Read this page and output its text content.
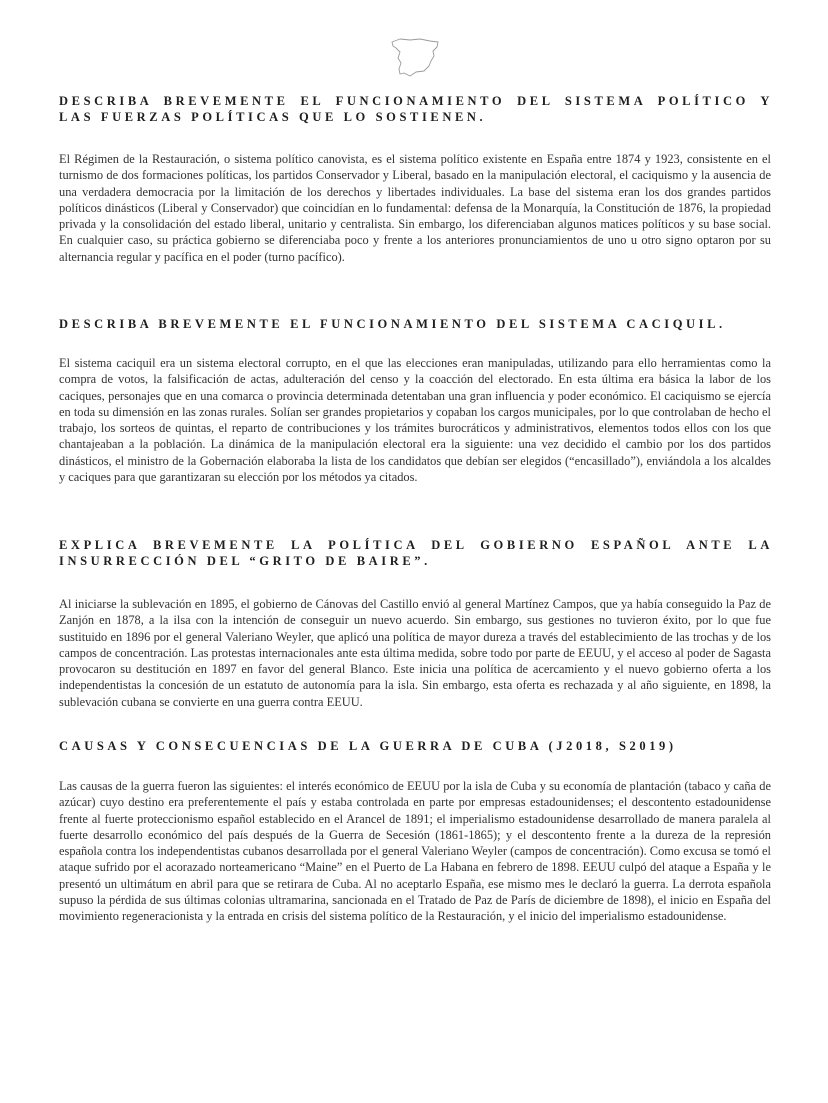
DESCRIBA BREVEMENTE EL FUNCIONAMIENTO DEL SISTEMA POLÍTICO Y LAS FUERZAS POLÍTICAS QUE LO SOSTIENEN.

El Régimen de la Restauración, o sistema político canovista, es el sistema político existente en España entre 1874 y 1923, consistente en el turnismo de dos formaciones políticas, los partidos Conservador y Liberal, basado en la manipulación electoral, el caciquismo y la ausencia de una verdadera democracia por la limitación de los derechos y libertades individuales. La base del sistema eran los dos grandes partidos políticos dinásticos (Liberal y Conservador) que coincidían en lo fundamental: defensa de la Monarquía, la Constitución de 1876, la propiedad privada y la consolidación del estado liberal, unitario y centralista. Sin embargo, los diferenciaban algunos matices políticos y su base social. En cualquier caso, su práctica gobierno se diferenciaba poco y frente a los anteriores pronunciamientos de uno u otro signo optaron por su alternancia regular y pacífica en el poder (turno pacífico).

DESCRIBA BREVEMENTE EL FUNCIONAMIENTO DEL SISTEMA CACIQUIL.

El sistema caciquil era un sistema electoral corrupto, en el que las elecciones eran manipuladas, utilizando para ello herramientas como la compra de votos, la falsificación de actas, adulteración del censo y la coacción del electorado. En esta última era básica la labor de los caciques, personajes que en una comarca o provincia determinada detentaban una gran influencia y poder económico. El caciquismo se ejercía en toda su dimensión en las zonas rurales. Solían ser grandes propietarios y copaban los cargos municipales, por lo que controlaban de hecho el trabajo, los sorteos de quintas, el reparto de contribuciones y los trámites burocráticos y administrativos, elementos todos ellos con los que chantajeaban a la población. La dinámica de la manipulación electoral era la siguiente: una vez decidido el cambio por los dos partidos dinásticos, el ministro de la Gobernación elaboraba la lista de los candidatos que debían ser elegidos (“encasillado”), enviándola a los alcaldes y caciques para que garantizaran su elección por los métodos ya citados.

EXPLICA BREVEMENTE LA POLÍTICA DEL GOBIERNO ESPAÑOL ANTE LA INSURRECCIÓN DEL “GRITO DE BAIRE”.

Al iniciarse la sublevación en 1895, el gobierno de Cánovas del Castillo envió al general Martínez Campos, que ya había conseguido la Paz de Zanjón en 1878, a la ilsa con la intención de conseguir un nuevo acuerdo. Sin embargo, sus gestiones no tuvieron éxito, por lo que fue sustituido en 1896 por el general Valeriano Weyler, que aplicó una política de mayor dureza a través del establecimiento de las trochas y de los campos de concentración. Las protestas internacionales ante esta última medida, sobre todo por parte de EEUU, y el acceso al poder de Sagasta provocaron su destitución en 1897 en favor del general Blanco. Este inicia una política de acercamiento y el nuevo gobierno oferta a los independentistas la concesión de un estatuto de autonomía para la isla. Sin embargo, esta oferta es rechazada y al año siguiente, en 1898, la sublevación cubana se convierte en una guerra contra EEUU.

CAUSAS Y CONSECUENCIAS DE LA GUERRA DE CUBA (J2018, S2019)

Las causas de la guerra fueron las siguientes: el interés económico de EEUU por la isla de Cuba y su economía de plantación (tabaco y caña de azúcar) cuyo destino era preferentemente el país y estaba controlada en parte por empresas estadounidenses; el descontento estadounidense frente al fuerte proteccionismo español establecido en el Arancel de 1891; el imperialismo estadounidense desarrollado de manera paralela al fuerte desarrollo económico del país después de la Guerra de Secesión (1861-1865); y el descontento frente a la dureza de la represión española contra los independentistas cubanos desarrollada por el general Valeriano Weyler (campos de concentración). Como excusa se tomó el ataque sufrido por el acorazado norteamericano “Maine” en el Puerto de La Habana en febrero de 1898. EEUU culpó del ataque a España y le presentó un ultimátum en abril para que se retirara de Cuba. Al no aceptarlo España, ese mismo mes le declaró la guerra. La derrota española supuso la pérdida de sus últimas colonias ultramarina, sancionada en el Tratado de Paz de París de diciembre de 1898), el inicio en España del movimiento regeneracionista y la entrada en crisis del sistema político de la Restauración, y el inicio del imperialismo estadounidense.
